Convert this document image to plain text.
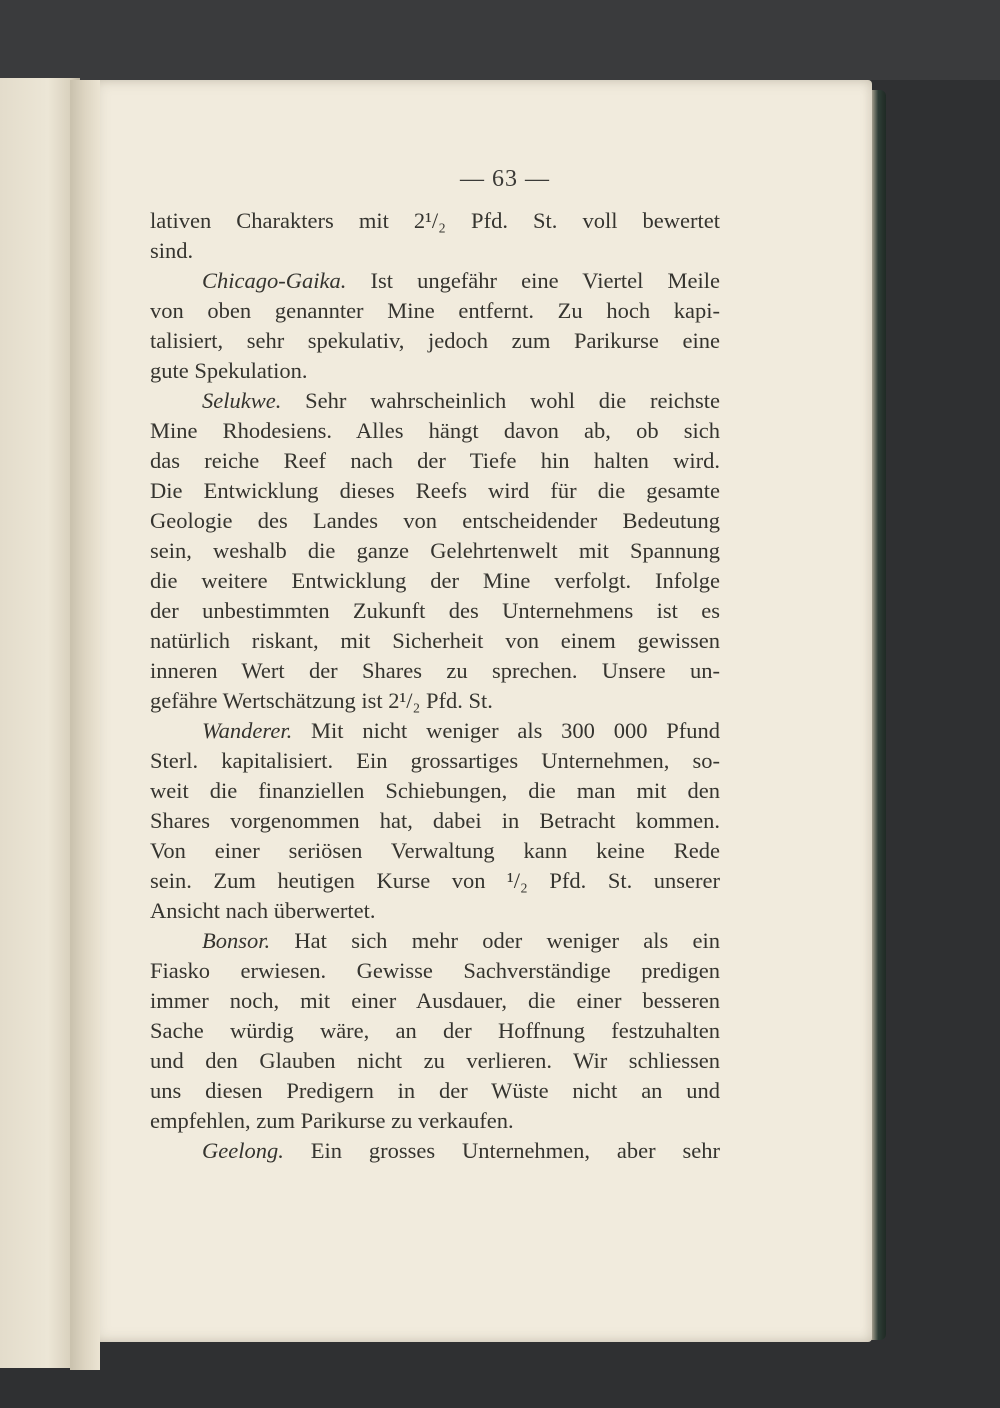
— 63 —
lativen Charakters mit 2¹/₂ Pfd. St. voll bewertet
sind.
Chicago-Gaika. Ist ungefähr eine Viertel Meile
von oben genannter Mine entfernt. Zu hoch kapi-
talisiert, sehr spekulativ, jedoch zum Parikurse eine
gute Spekulation.
Selukwe. Sehr wahrscheinlich wohl die reichste
Mine Rhodesiens. Alles hängt davon ab, ob sich
das reiche Reef nach der Tiefe hin halten wird.
Die Entwicklung dieses Reefs wird für die gesamte
Geologie des Landes von entscheidender Bedeutung
sein, weshalb die ganze Gelehrtenwelt mit Spannung
die weitere Entwicklung der Mine verfolgt. Infolge
der unbestimmten Zukunft des Unternehmens ist es
natürlich riskant, mit Sicherheit von einem gewissen
inneren Wert der Shares zu sprechen. Unsere un-
gefähre Wertschätzung ist 2¹/₂ Pfd. St.
Wanderer. Mit nicht weniger als 300 000 Pfund
Sterl. kapitalisiert. Ein grossartiges Unternehmen, so-
weit die finanziellen Schiebungen, die man mit den
Shares vorgenommen hat, dabei in Betracht kommen.
Von einer seriösen Verwaltung kann keine Rede
sein. Zum heutigen Kurse von ¹/₂ Pfd. St. unserer
Ansicht nach überwertet.
Bonsor. Hat sich mehr oder weniger als ein
Fiasko erwiesen. Gewisse Sachverständige predigen
immer noch, mit einer Ausdauer, die einer besseren
Sache würdig wäre, an der Hoffnung festzuhalten
und den Glauben nicht zu verlieren. Wir schliessen
uns diesen Predigern in der Wüste nicht an und
empfehlen, zum Parikurse zu verkaufen.
Geelong. Ein grosses Unternehmen, aber sehr
